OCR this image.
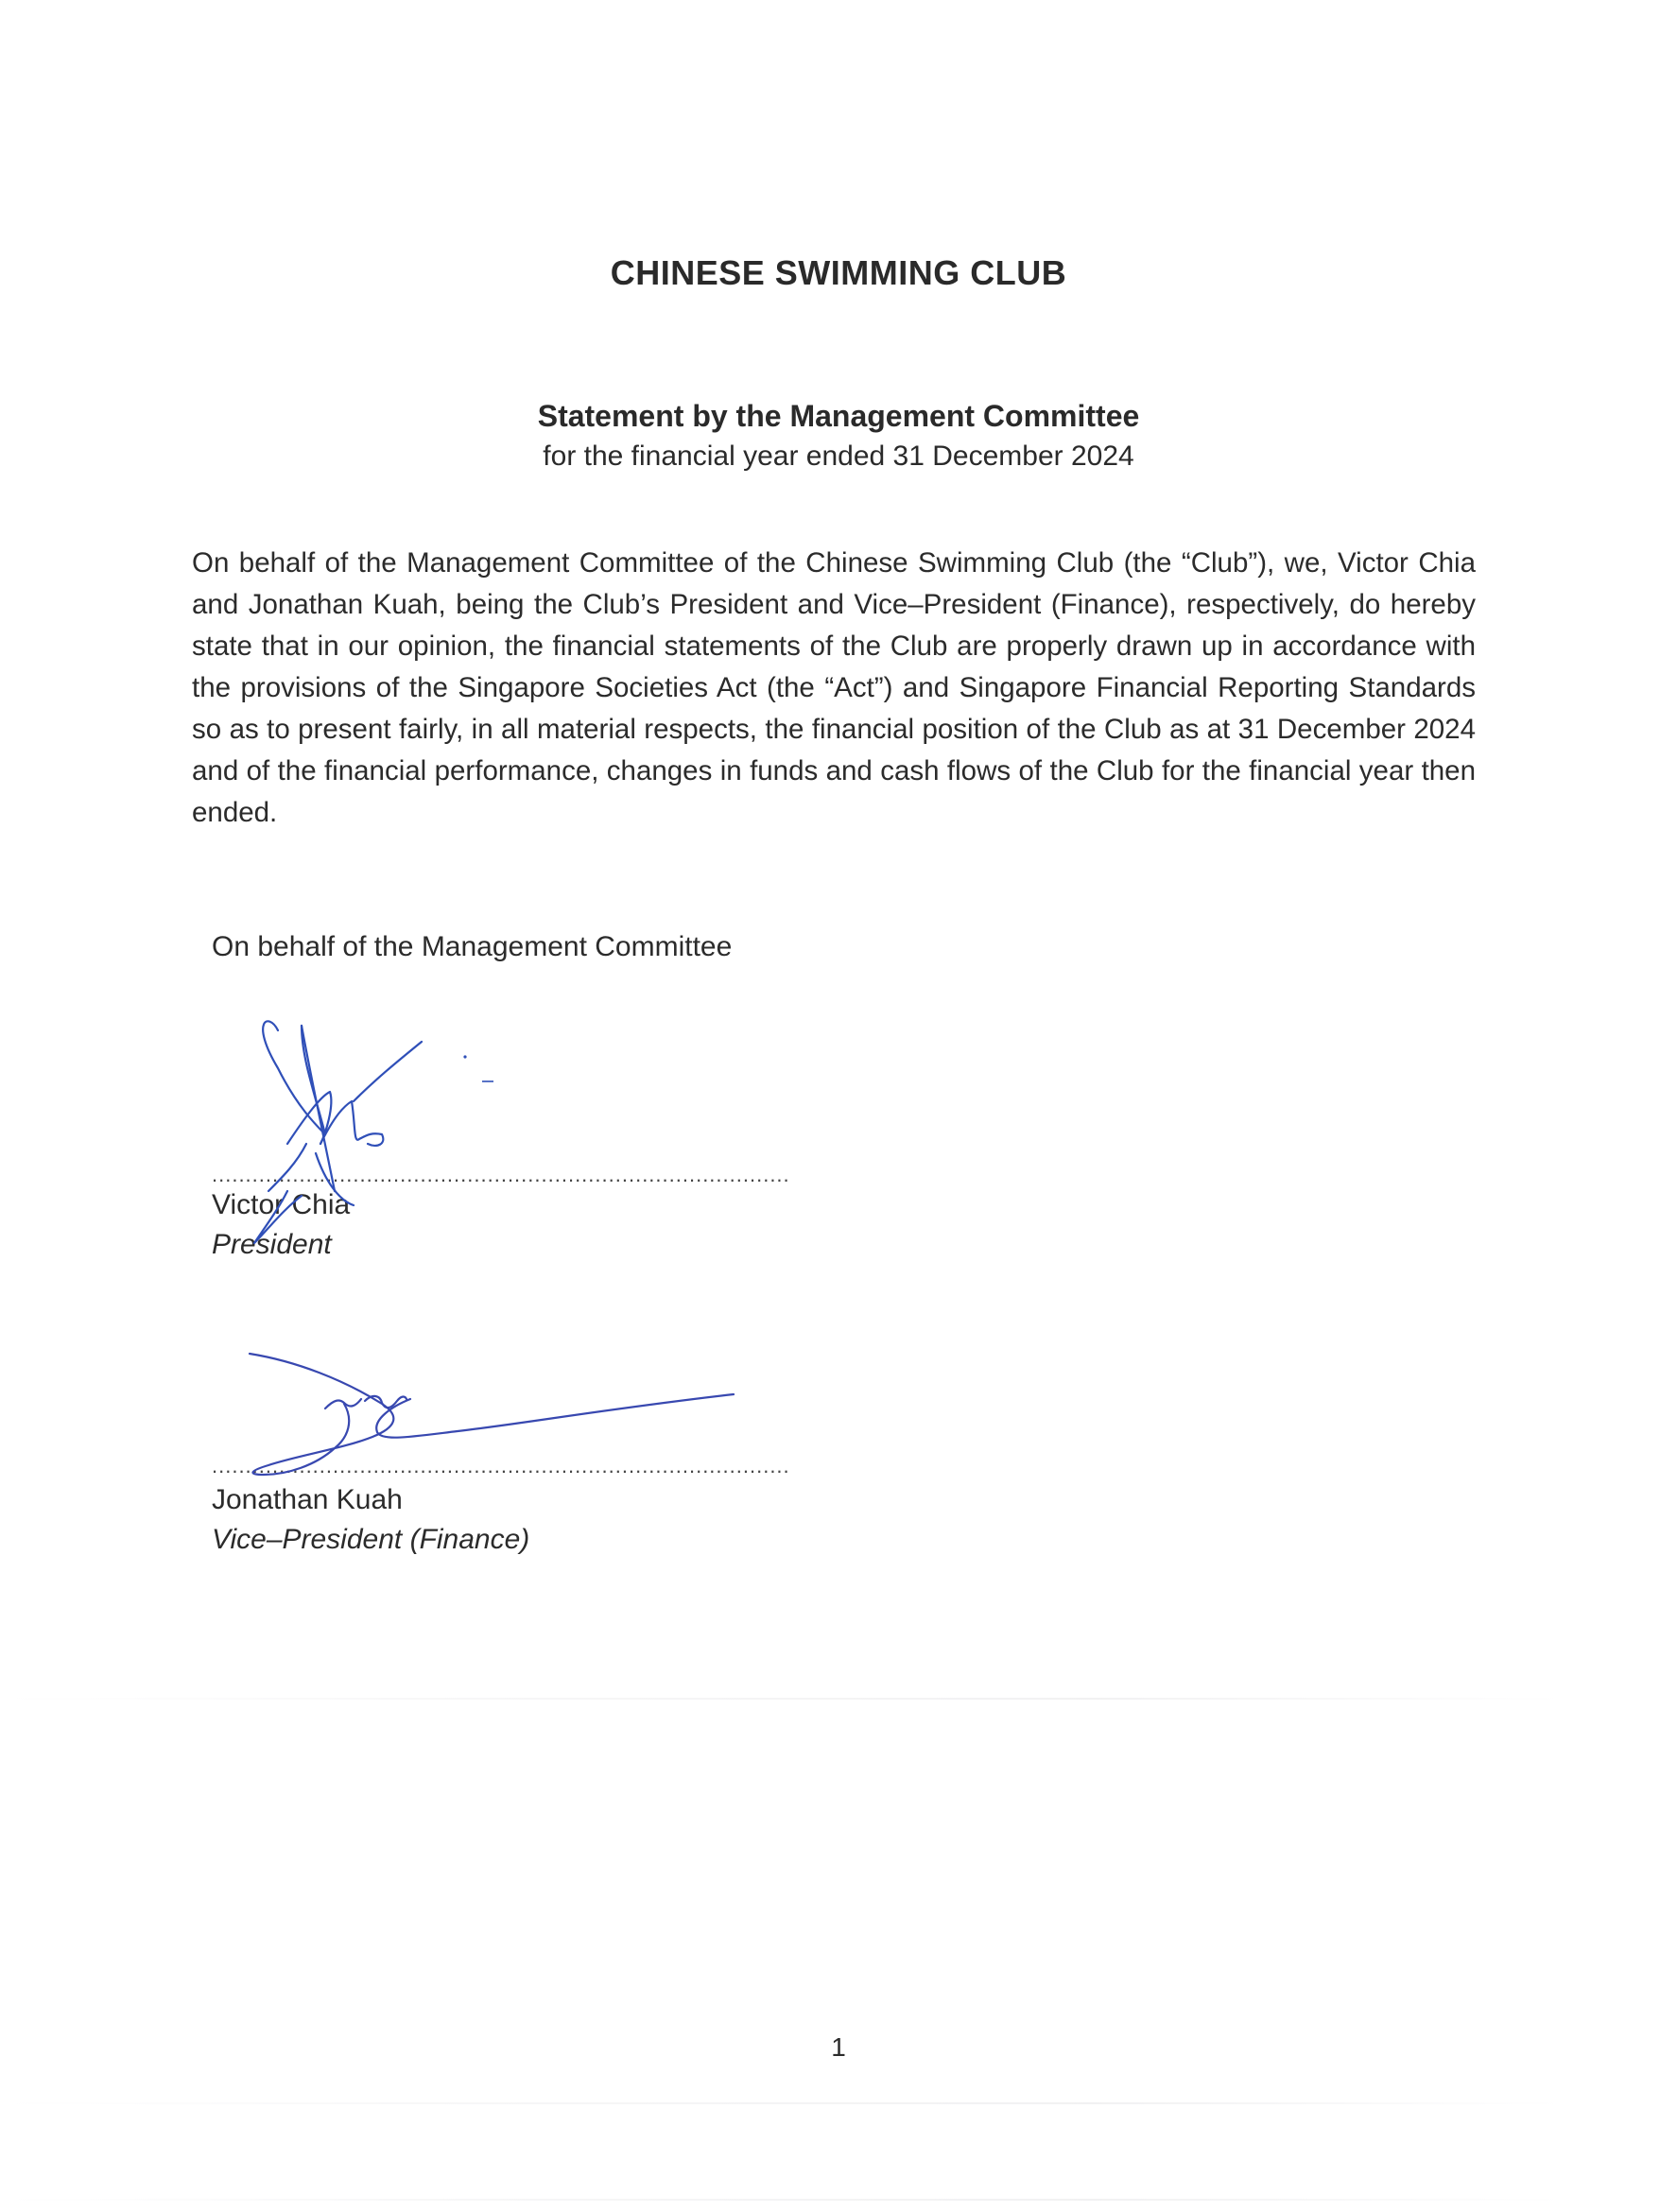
CHINESE SWIMMING CLUB
Statement by the Management Committee
for the financial year ended 31 December 2024
On behalf of the Management Committee of the Chinese Swimming Club (the “Club”), we, Victor Chia and Jonathan Kuah, being the Club’s President and Vice–President (Finance), respectively, do hereby state that in our opinion, the financial statements of the Club are properly drawn up in accordance with the provisions of the Singapore Societies Act (the “Act”) and Singapore Financial Reporting Standards so as to present fairly, in all material respects, the financial position of the Club as at 31 December 2024 and of the financial performance, changes in funds and cash flows of the Club for the financial year then ended.
On behalf of the Management Committee
......................................................................................
Victor Chia
President
......................................................................................
Jonathan Kuah
Vice–President (Finance)
1
